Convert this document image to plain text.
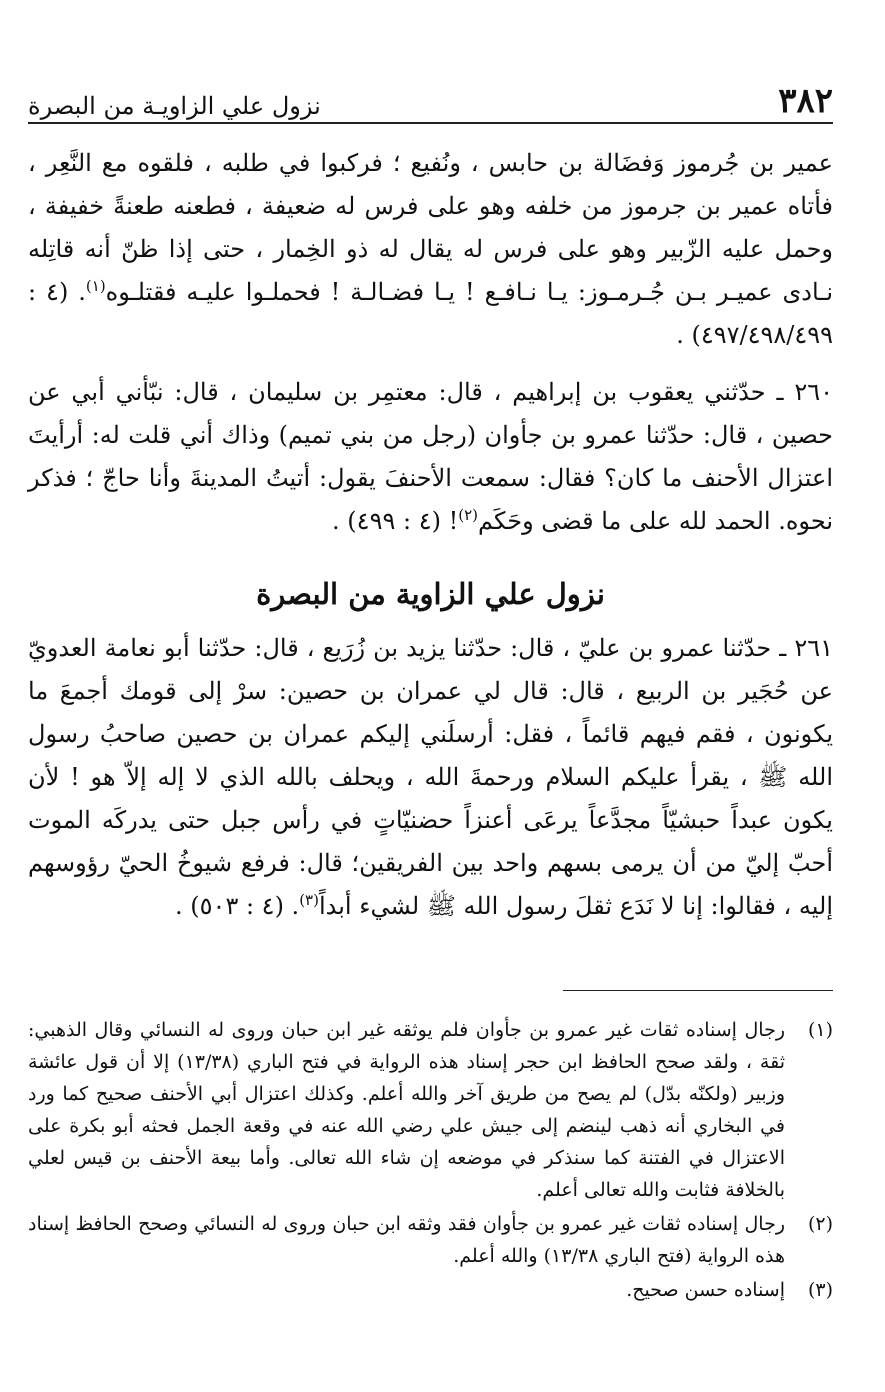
٣٨٢
نزول علي الزاويـة من البصرة

عمير بن جُرموز وَفضَالة بن حابس ، ونُفيع ؛ فركبوا في طلبه ، فلقوه مع النَّعِر ، فأتاه عمير بن جرموز من خلفه وهو على فرس له ضعيفة ، فطعنه طعنةً خفيفة ، وحمل عليه الزّبير وهو على فرس له يقال له ذو الخِمار ، حتى إذا ظنّ أنه قاتِله نـادى عميـر بـن جُـرمـوز: يـا نـافـع ! يـا فضـالـة ! فحملـوا عليـه فقتلـوه$^{(١)}$. (٤ : ٤٩٧/٤٩٨/٤٩٩) .

٢٦٠ ـ حدّثني يعقوب بن إبراهيم ، قال: معتمِر بن سليمان ، قال: نبّأني أبي عن حصين ، قال: حدّثنا عمرو بن جأوان (رجل من بني تميم) وذاك أني قلت له: أرأيتَ اعتزال الأحنف ما كان؟ فقال: سمعت الأحنفَ يقول: أتيتُ المدينةَ وأنا حاجّ ؛ فذكر نحوه. الحمد لله على ما قضى وحَكَم$^{(٢)}$! (٤ : ٤٩٩) .

نزول علي الزاوية من البصرة

٢٦١ ـ حدّثنا عمرو بن عليّ ، قال: حدّثنا يزيد بن زُرَيع ، قال: حدّثنا أبو نعامة العدويّ عن حُجَير بن الربيع ، قال: قال لي عمران بن حصين: سرْ إلى قومك أجمعَ ما يكونون ، فقم فيهم قائماً ، فقل: أرسلَني إليكم عمران بن حصين صاحبُ رسول الله ﷺ ، يقرأ عليكم السلام ورحمةَ الله ، ويحلف بالله الذي لا إله إلاّ هو ! لأن يكون عبداً حبشيّاً مجدَّعاً يرعَى أعنزاً حضنيّاتٍ في رأس جبل حتى يدركَه الموت أحبّ إليّ من أن يرمى بسهم واحد بين الفريقين؛ قال: فرفع شيوخُ الحيّ رؤوسهم إليه ، فقالوا: إنا لا نَدَع ثقلَ رسول الله ﷺ لشيء أبداً$^{(٣)}$. (٤ : ٥٠٣) .

(١)
رجال إسناده ثقات غير عمرو بن جأوان فلم يوثقه غير ابن حبان وروى له النسائي وقال الذهبي: ثقة ، ولقد صحح الحافظ ابن حجر إسناد هذه الرواية في فتح الباري (١٣/٣٨) إلا أن قول عائشة وزبير (ولكنّه بدّل) لم يصح من طريق آخر والله أعلم. وكذلك اعتزال أبي الأحنف صحيح كما ورد في البخاري أنه ذهب لينضم إلى جيش علي رضي الله عنه في وقعة الجمل فحثه أبو بكرة على الاعتزال في الفتنة كما سنذكر في موضعه إن شاء الله تعالى. وأما بيعة الأحنف بن قيس لعلي بالخلافة فثابت والله تعالى أعلم.
(٢)
رجال إسناده ثقات غير عمرو بن جأوان فقد وثقه ابن حبان وروى له النسائي وصحح الحافظ إسناد هذه الرواية (فتح الباري ١٣/٣٨) والله أعلم.
(٣)
إسناده حسن صحيح.
